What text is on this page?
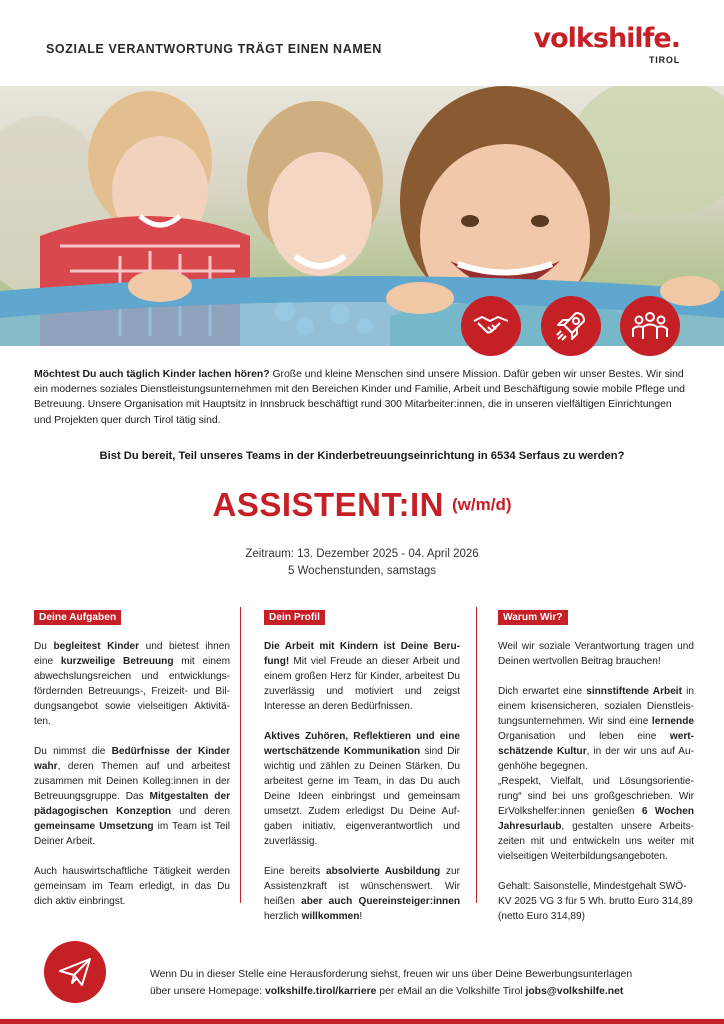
SOZIALE VERANTWORTUNG TRÄGT EINEN NAMEN	volkshilfe.
TIROL
Möchtest Du auch täglich Kinder lachen hören? Große und kleine Menschen sind unsere Mission. Dafür geben wir unser Bestes. Wir sind ein modernes soziales Dienstleistungsunternehmen mit den Bereichen Kinder und Familie, Arbeit und Beschäftigung sowie mobile Pflege und Betreuung. Unsere Organisation mit Hauptsitz in Innsbruck beschäftigt rund 300 Mitarbeiter:innen, die in unseren vielfältigen Einrichtungen und Projekten quer durch Tirol tätig sind.
Bist Du bereit, Teil unseres Teams in der Kinderbetreuungseinrichtung in 6534 Serfaus zu werden?
ASSISTENT:IN (w/m/d)
Zeitraum: 13. Dezember 2025 - 04. April 2026
5 Wochenstunden, samstags
Deine Aufgaben

Du begleitest Kinder und bietest ihnen eine kurzweilige Betreuung mit einem abwechslungsreichen und entwicklungsfördernden Betreuungs-, Freizeit- und Bildungsangebot sowie vielseitigen Aktivitäten.

Du nimmst die Bedürfnisse der Kinder wahr, deren Themen auf und arbeitest zusammen mit Deinen Kolleg:innen in der Betreuungsgruppe. Das Mitgestalten der pädagogischen Konzeption und deren gemeinsame Umsetzung im Team ist Teil Deiner Arbeit.

Auch hauswirtschaftliche Tätigkeit werden gemeinsam im Team erledigt, in das Du dich aktiv einbringst.

Dein Profil

Die Arbeit mit Kindern ist Deine Berufung! Mit viel Freude an dieser Arbeit und einem großen Herz für Kinder, arbeitest Du zuverlässig und motiviert und zeigst Interesse an deren Bedürfnissen.

Aktives Zuhören, Reflektieren und eine wertschätzende Kommunikation sind Dir wichtig und zählen zu Deinen Stärken. Du arbeitest gerne im Team, in das Du auch Deine Ideen einbringst und gemeinsam umsetzt. Zudem erledigst Du Deine Aufgaben initiativ, eigenverantwortlich und zuverlässig.

Eine bereits absolvierte Ausbildung zur Assistenzkraft ist wünschenswert. Wir heißen aber auch Quereinsteiger:innen herzlich willkommen!

Warum Wir?

Weil wir soziale Verantwortung tragen und Deinen wertvollen Beitrag brauchen!

Dich erwartet eine sinnstiftende Arbeit in einem krisensicheren, sozialen Dienstleistungsunternehmen. Wir sind eine lernende Organisation und leben eine wertschätzende Kultur, in der wir uns auf Augenhöhe begegnen.
„Respekt, Vielfalt, und Lösungsorientierung“ sind bei uns großgeschrieben. Wir ErVolkshelfer:innen genießen 6 Wochen Jahresurlaub, gestalten unsere Arbeitszeiten mit und entwickeln uns weiter mit vielseitigen Weiterbildungsangeboten.

Gehalt: Saisonstelle, Mindestgehalt SWÖ-KV 2025 VG 3 für 5 Wh. brutto Euro 314,89 (netto Euro 314,89)

Wenn Du in dieser Stelle eine Herausforderung siehst, freuen wir uns über Deine Bewerbungsunterlagen
über unsere Homepage: volkshilfe.tirol/karriere per eMail an die Volkshilfe Tirol jobs@volkshilfe.net
